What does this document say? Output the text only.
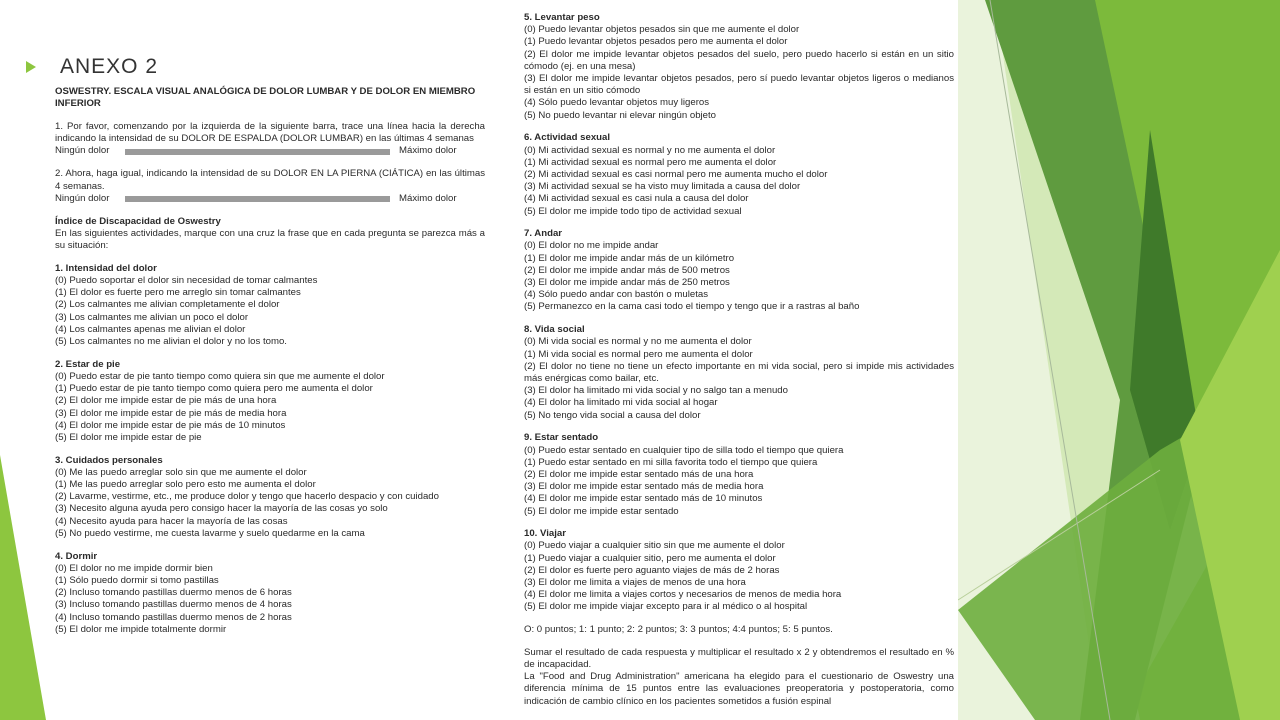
ANEXO 2
OSWESTRY. ESCALA VISUAL ANALÓGICA DE DOLOR LUMBAR Y DE DOLOR EN MIEMBRO INFERIOR
1. Por favor, comenzando por la izquierda de la siguiente barra, trace una línea hacia la derecha indicando la intensidad de su DOLOR DE ESPALDA (DOLOR LUMBAR) en las últimas 4 semanas
Ningún dolor	Máximo dolor
2. Ahora, haga igual, indicando la intensidad de su DOLOR EN LA PIERNA (CIÁTICA) en las últimas 4 semanas.
Ningún dolor	Máximo dolor
Índice de Discapacidad de Oswestry
En las siguientes actividades, marque con una cruz la frase que en cada pregunta se parezca más a su situación:
1. Intensidad del dolor
(0) Puedo soportar el dolor sin necesidad de tomar calmantes
(1) El dolor es fuerte pero me arreglo sin tomar calmantes
(2) Los calmantes me alivian completamente el dolor
(3) Los calmantes me alivian un poco el dolor
(4) Los calmantes apenas me alivian el dolor
(5) Los calmantes no me alivian el dolor y no los tomo.
2. Estar de pie
(0) Puedo estar de pie tanto tiempo como quiera sin que me aumente el dolor
(1) Puedo estar de pie tanto tiempo como quiera pero me aumenta el dolor
(2) El dolor me impide estar de pie más de una hora
(3) El dolor me impide estar de pie más de media hora
(4) El dolor me impide estar de pie más de 10 minutos
(5) El dolor me impide estar de pie
3. Cuidados personales
(0) Me las puedo arreglar solo sin que me aumente el dolor
(1) Me las puedo arreglar solo pero esto me aumenta el dolor
(2) Lavarme, vestirme, etc., me produce dolor y tengo que hacerlo despacio y con cuidado
(3) Necesito alguna ayuda pero consigo hacer la mayoría de las cosas yo solo
(4) Necesito ayuda para hacer la mayoría de las cosas
(5) No puedo vestirme, me cuesta lavarme y suelo quedarme en la cama
4. Dormir
(0) El dolor no me impide dormir bien
(1) Sólo puedo dormir si tomo pastillas
(2) Incluso tomando pastillas duermo menos de 6 horas
(3) Incluso tomando pastillas duermo menos de 4 horas
(4) Incluso tomando pastillas duermo menos de 2 horas
(5) El dolor me impide totalmente dormir
5. Levantar peso
(0) Puedo levantar objetos pesados sin que me aumente el dolor
(1) Puedo levantar objetos pesados pero me aumenta el dolor
(2) El dolor me impide levantar objetos pesados del suelo, pero puedo hacerlo si están en un sitio cómodo (ej. en una mesa)
(3) El dolor me impide levantar objetos pesados, pero sí puedo levantar objetos ligeros o medianos si están en un sitio cómodo
(4) Sólo puedo levantar objetos muy ligeros
(5) No puedo levantar ni elevar ningún objeto
6. Actividad sexual
(0) Mi actividad sexual es normal y no me aumenta el dolor
(1) Mi actividad sexual es normal pero me aumenta el dolor
(2) Mi actividad sexual es casi normal pero me aumenta mucho el dolor
(3) Mi actividad sexual se ha visto muy limitada a causa del dolor
(4) Mi actividad sexual es casi nula a causa del dolor
(5) El dolor me impide todo tipo de actividad sexual
7. Andar
(0) El dolor no me impide andar
(1) El dolor me impide andar más de un kilómetro
(2) El dolor me impide andar más de 500 metros
(3) El dolor me impide andar más de 250 metros
(4) Sólo puedo andar con bastón o muletas
(5) Permanezco en la cama casi todo el tiempo y tengo que ir a rastras al baño
8. Vida social
(0) Mi vida social es normal y no me aumenta el dolor
(1) Mi vida social es normal pero me aumenta el dolor
(2) El dolor no tiene no tiene un efecto importante en mi vida social, pero si impide mis actividades más enérgicas como bailar, etc.
(3) El dolor ha limitado mi vida social y no salgo tan a menudo
(4) El dolor ha limitado mi vida social al hogar
(5) No tengo vida social a causa del dolor
9. Estar sentado
(0) Puedo estar sentado en cualquier tipo de silla todo el tiempo que quiera
(1) Puedo estar sentado en mi silla favorita todo el tiempo que quiera
(2) El dolor me impide estar sentado más de una hora
(3) El dolor me impide estar sentado más de media hora
(4) El dolor me impide estar sentado más de 10 minutos
(5) El dolor me impide estar sentado
10. Viajar
(0) Puedo viajar a cualquier sitio sin que me aumente el dolor
(1) Puedo viajar a cualquier sitio, pero me aumenta el dolor
(2) El dolor es fuerte pero aguanto viajes de más de 2 horas
(3) El dolor me limita a viajes de menos de una hora
(4) El dolor me limita a viajes cortos y necesarios de menos de media hora
(5) El dolor me impide viajar excepto para ir al médico o al hospital
O: 0 puntos; 1: 1 punto; 2: 2 puntos; 3: 3 puntos; 4:4 puntos; 5: 5 puntos.
Sumar el resultado de cada respuesta y multiplicar el resultado x 2 y obtendremos el resultado en % de incapacidad.
La "Food and Drug Administration" americana ha elegido para el cuestionario de Oswestry una diferencia mínima de 15 puntos entre las evaluaciones preoperatoria y postoperatoria, como indicación de cambio clínico en los pacientes sometidos a fusión espinal
